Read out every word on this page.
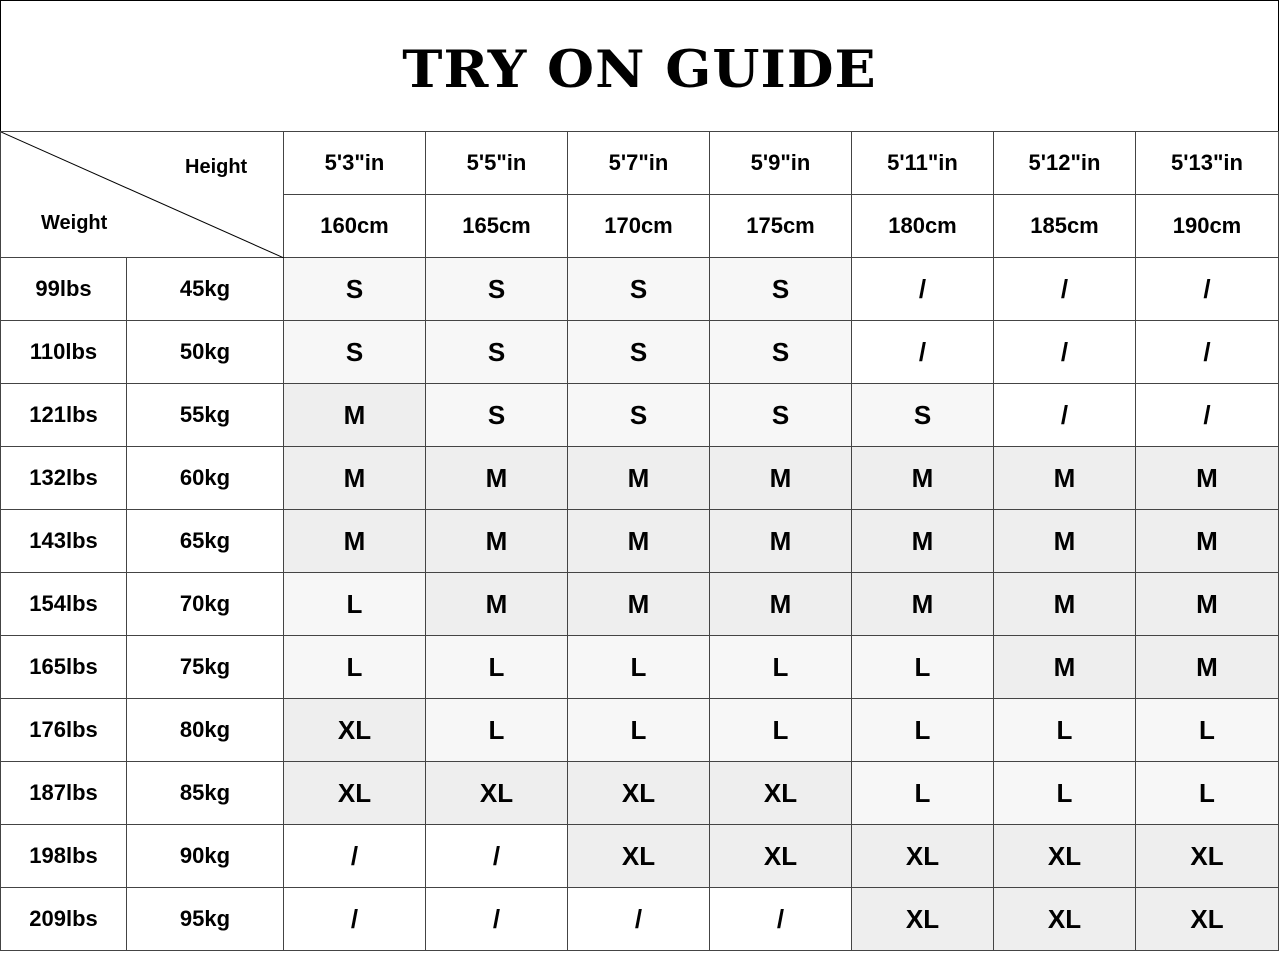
TRY ON GUIDE
Height
Weight		5'3"in	5'5"in	5'7"in	5'9"in	5'11"in	5'12"in	5'13"in
		160cm	165cm	170cm	175cm	180cm	185cm	190cm
99lbs	45kg	S	S	S	S	/	/	/
110lbs	50kg	S	S	S	S	/	/	/
121lbs	55kg	M	S	S	S	S	/	/
132lbs	60kg	M	M	M	M	M	M	M
143lbs	65kg	M	M	M	M	M	M	M
154lbs	70kg	L	M	M	M	M	M	M
165lbs	75kg	L	L	L	L	L	M	M
176lbs	80kg	XL	L	L	L	L	L	L
187lbs	85kg	XL	XL	XL	XL	L	L	L
198lbs	90kg	/	/	XL	XL	XL	XL	XL
209lbs	95kg	/	/	/	/	XL	XL	XL
